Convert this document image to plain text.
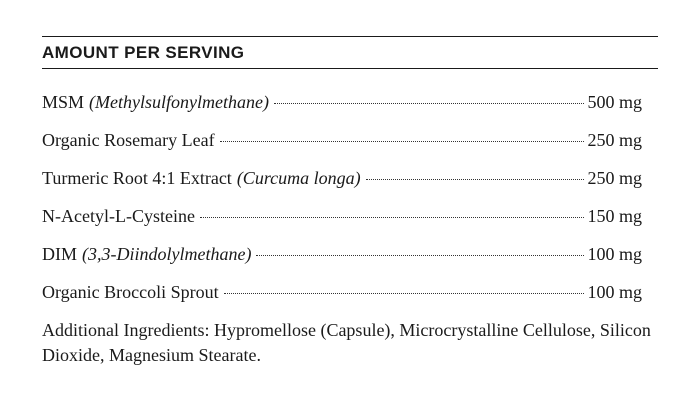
AMOUNT PER SERVING
MSM (Methylsulfonylmethane)	500 mg
Organic Rosemary Leaf	250 mg
Turmeric Root 4:1 Extract (Curcuma longa)	250 mg
N-Acetyl-L-Cysteine	150 mg
DIM (3,3-Diindolylmethane)	100 mg
Organic Broccoli Sprout	100 mg
Additional Ingredients: Hypromellose (Capsule), Microcrystalline Cellulose, Silicon Dioxide, Magnesium Stearate.
